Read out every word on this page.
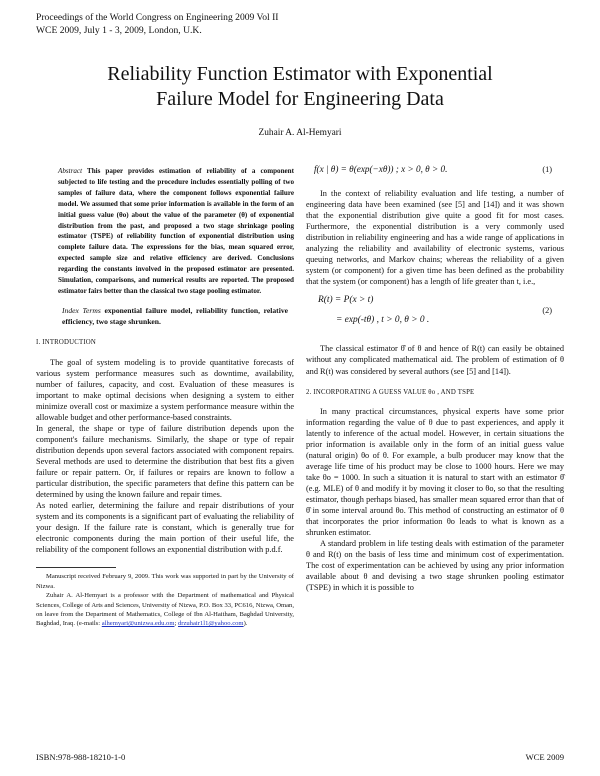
Proceedings of the World Congress on Engineering 2009 Vol II
WCE 2009, July 1 - 3, 2009, London, U.K.
Reliability Function Estimator with Exponential
Failure Model for Engineering Data
Zuhair A. Al-Hemyari

Abstract This paper provides estimation of reliability of a component subjected to life testing and the procedure includes essentially polling of two samples of failure data, where the component follows exponential failure model. We assumed that some prior information is available in the form of an initial guess value (θo) about the value of the parameter (θ) of exponential distribution from the past, and proposed a two stage shrinkage pooling estimator (TSPE) of reliability function of exponential distribution using complete failure data. The expressions for the bias, mean squared error, expected sample size and relative efficiency are derived. Conclusions regarding the constants involved in the proposed estimator are presented. Simulation, comparisons, and numerical results are reported. The proposed estimator fairs better than the classical two stage pooling estimator.

Index Terms exponential failure model, reliability function, relative efficiency, two stage shrunken.

I. INTRODUCTION

The goal of system modeling is to provide quantitative forecasts of various system performance measures such as downtime, availability, number of failures, capacity, and cost. Evaluation of these measures is important to make optimal decisions when designing a system to either minimize overall cost or maximize a system performance measure within the allowable budget and other performance-based constraints.

In general, the shape or type of failure distribution depends upon the component's failure mechanisms. Similarly, the shape or type of repair distribution depends upon several factors associated with component repairs. Several methods are used to determine the distribution that best fits a given failure or repair pattern. Or, if failures or repairs are known to follow a particular distribution, the specific parameters that define this pattern can be determined by using the known failure and repair times.

As noted earlier, determining the failure and repair distributions of your system and its components is a significant part of evaluating the reliability of your design. If the failure rate is constant, which is generally true for electronic components during the main portion of their useful life, the reliability of the component follows an exponential distribution with p.d.f.

Manuscript received February 9, 2009. This work was supported in part by the University of Nizwa.

Zuhair A. Al-Hemyari is a professor with the Department of mathematical and Physical Sciences, College of Arts and Sciences, University of Nizwa, P.O. Box 33, PC616, Nizwa, Oman, on leave from the Department of Mathematics, College of Ibn Al-Haitham, Baghdad University, Baghdad, Iraq. (e-mails: alhemyari@unizwa.edu.om; drzuhair1l1@yahoo.com).

f(x | θ) = θ(exp(−xθ)) ; x > 0, θ > 0.	(1)

In the context of reliability evaluation and life testing, a number of engineering data have been examined (see [5] and [14]) and it was shown that the exponential distribution give quite a good fit for most cases. Furthermore, the exponential distribution is a very commonly used distribution in reliability engineering and has a wide range of applications in analyzing the reliability and availability of electronic systems, various queuing networks, and Markov chains; whereas the reliability of a given system (or component) for a given time has been defined as the probability that the system (or component) has a length of life greater than t, i.e.,

R(t) = P(x > t)
= exp(-tθ) , t > 0, θ > 0 .
(2)

The classical estimator θ̂ of θ and hence of R(t) can easily be obtained without any complicated mathematical aid. The problem of estimation of θ and R(t) was considered by several authors (see [5] and [14]).

2. INCORPORATING A GUESS VALUE θo , AND TSPE

In many practical circumstances, physical experts have some prior information regarding the value of θ due to past experiences, and apply it latently to inference of the actual model. However, in certain situations the prior information is available only in the form of an initial guess value (natural origin) θo of θ. For example, a bulb producer may know that the average life time of his product may be close to 1000 hours. Here we may take θo = 1000. In such a situation it is natural to start with an estimator θ̂ (e.g. MLE) of θ and modify it by moving it closer to θo, so that the resulting estimator, though perhaps biased, has smaller mean squared error than that of θ̂ in some interval around θo. This method of constructing an estimator of θ that incorporates the prior information θo leads to what is known as a shrunken estimator.

A standard problem in life testing deals with estimation of the parameter θ and R(t) on the basis of less time and minimum cost of experimentation. The cost of experimentation can be achieved by using any prior information available about θ and devising a two stage shrunken pooling estimator (TSPE) in which it is possible to

ISBN:978-988-18210-1-0	WCE 2009
